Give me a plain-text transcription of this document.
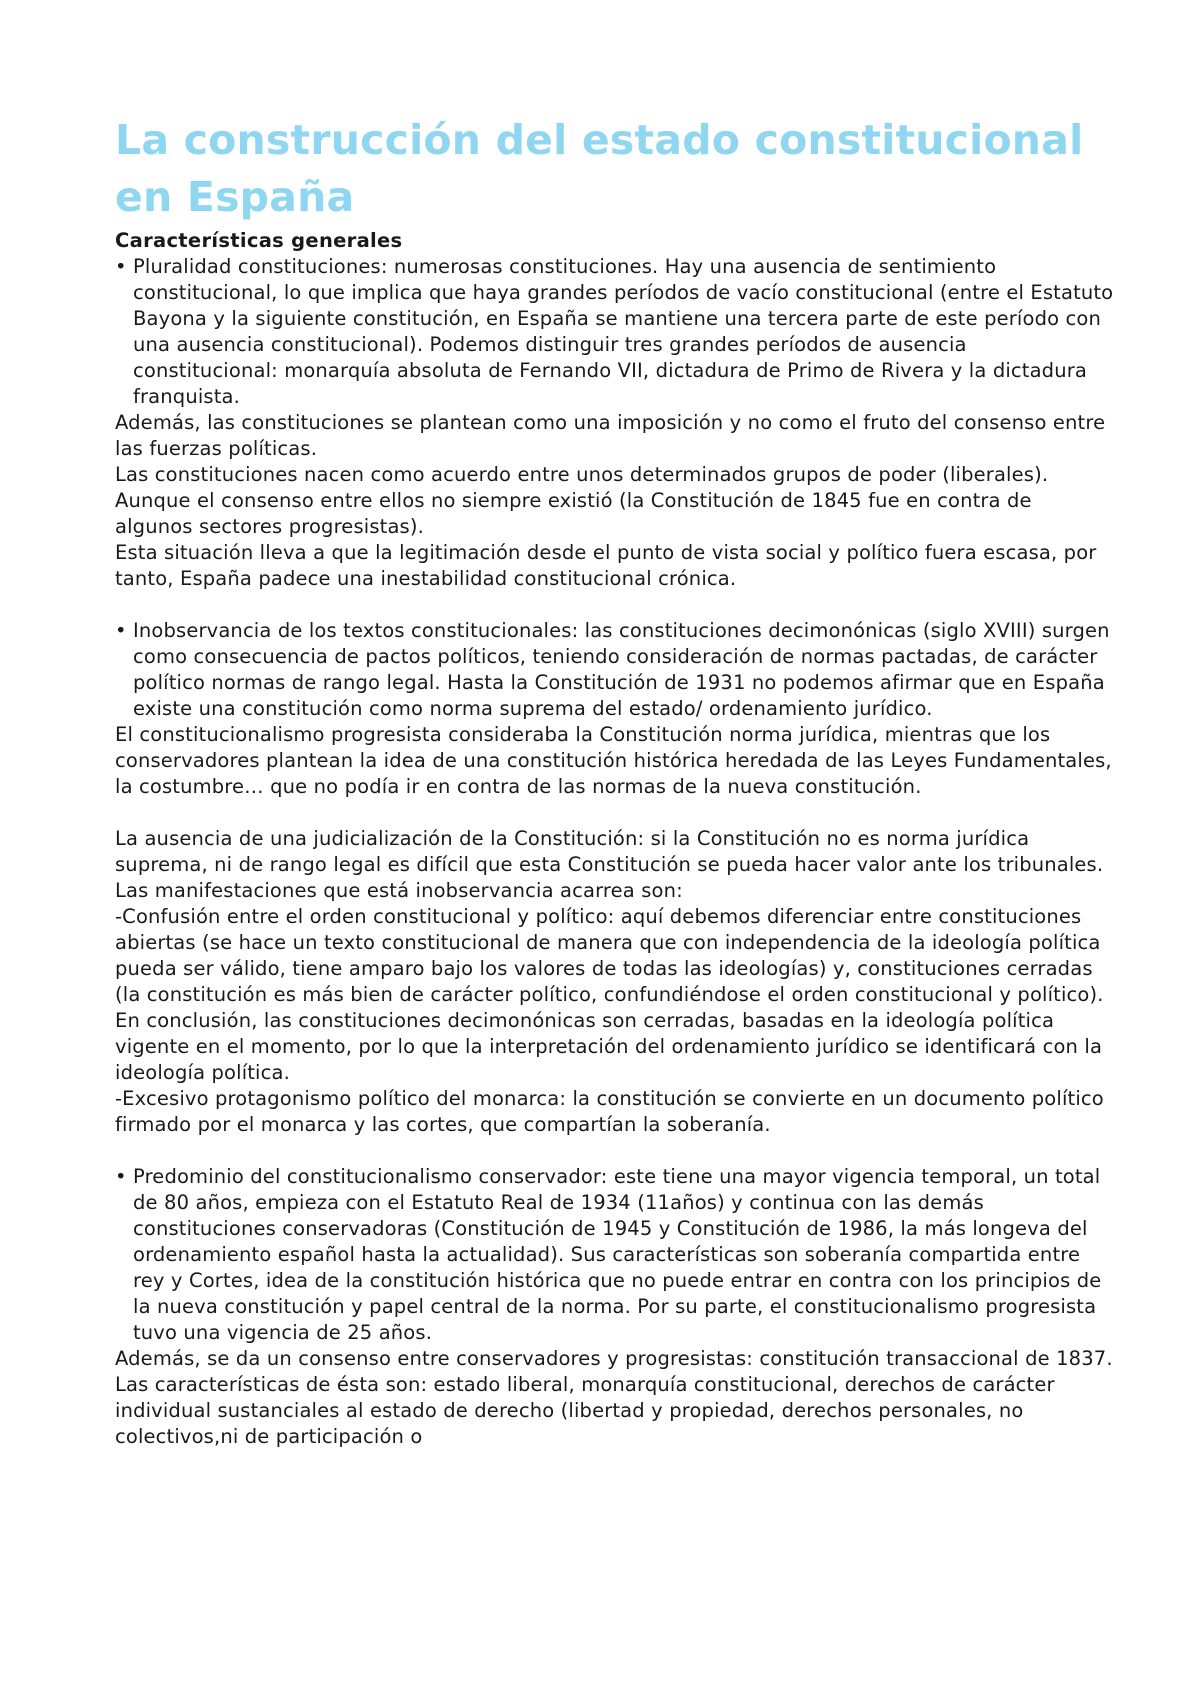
La construcción del estado constitucional en España
Características generales
• Pluralidad constituciones: numerosas constituciones. Hay una ausencia de sentimiento constitucional, lo que implica que haya grandes períodos de vacío constitucional (entre el Estatuto Bayona y la siguiente constitución, en España se mantiene una tercera parte de este período con una ausencia constitucional). Podemos distinguir tres grandes períodos de ausencia constitucional: monarquía absoluta de Fernando VII, dictadura de Primo de Rivera y la dictadura franquista.

Además, las constituciones se plantean como una imposición y no como el fruto del consenso entre las fuerzas políticas.

Las constituciones nacen como acuerdo entre unos determinados grupos de poder (liberales). Aunque el consenso entre ellos no siempre existió (la Constitución de 1845 fue en contra de algunos sectores progresistas).

Esta situación lleva a que la legitimación desde el punto de vista social y político fuera escasa, por tanto, España padece una inestabilidad constitucional crónica.

• Inobservancia de los textos constitucionales: las constituciones decimonónicas (siglo XVIII) surgen como consecuencia de pactos políticos, teniendo consideración de normas pactadas, de carácter político normas de rango legal. Hasta la Constitución de 1931 no podemos afirmar que en España existe una constitución como norma suprema del estado/ ordenamiento jurídico.

El constitucionalismo progresista consideraba la Constitución norma jurídica, mientras que los conservadores plantean la idea de una constitución histórica heredada de las Leyes Fundamentales, la costumbre… que no podía ir en contra de las normas de la nueva constitución.

La ausencia de una judicialización de la Constitución: si la Constitución no es norma jurídica suprema, ni de rango legal es difícil que esta Constitución se pueda hacer valor ante los tribunales.

Las manifestaciones que está inobservancia acarrea son:

-Confusión entre el orden constitucional y político: aquí debemos diferenciar entre constituciones abiertas (se hace un texto constitucional de manera que con independencia de la ideología política pueda ser válido, tiene amparo bajo los valores de todas las ideologías) y, constituciones cerradas (la constitución es más bien de carácter político, confundiéndose el orden constitucional y político). En conclusión, las constituciones decimonónicas son cerradas, basadas en la ideología política vigente en el momento, por lo que la interpretación del ordenamiento jurídico se identificará con la ideología política.

-Excesivo protagonismo político del monarca: la constitución se convierte en un documento político firmado por el monarca y las cortes, que compartían la soberanía.

• Predominio del constitucionalismo conservador: este tiene una mayor vigencia temporal, un total de 80 años, empieza con el Estatuto Real de 1934 (11años) y continua con las demás constituciones conservadoras (Constitución de 1945 y Constitución de 1986, la más longeva del ordenamiento español hasta la actualidad). Sus características son soberanía compartida entre rey y Cortes, idea de la constitución histórica que no puede entrar en contra con los principios de la nueva constitución y papel central de la norma. Por su parte, el constitucionalismo progresista tuvo una vigencia de 25 años.

Además, se da un consenso entre conservadores y progresistas: constitución transaccional de 1837. Las características de ésta son: estado liberal, monarquía constitucional, derechos de carácter individual sustanciales al estado de derecho (libertad y propiedad, derechos personales, no colectivos,ni de participación o
